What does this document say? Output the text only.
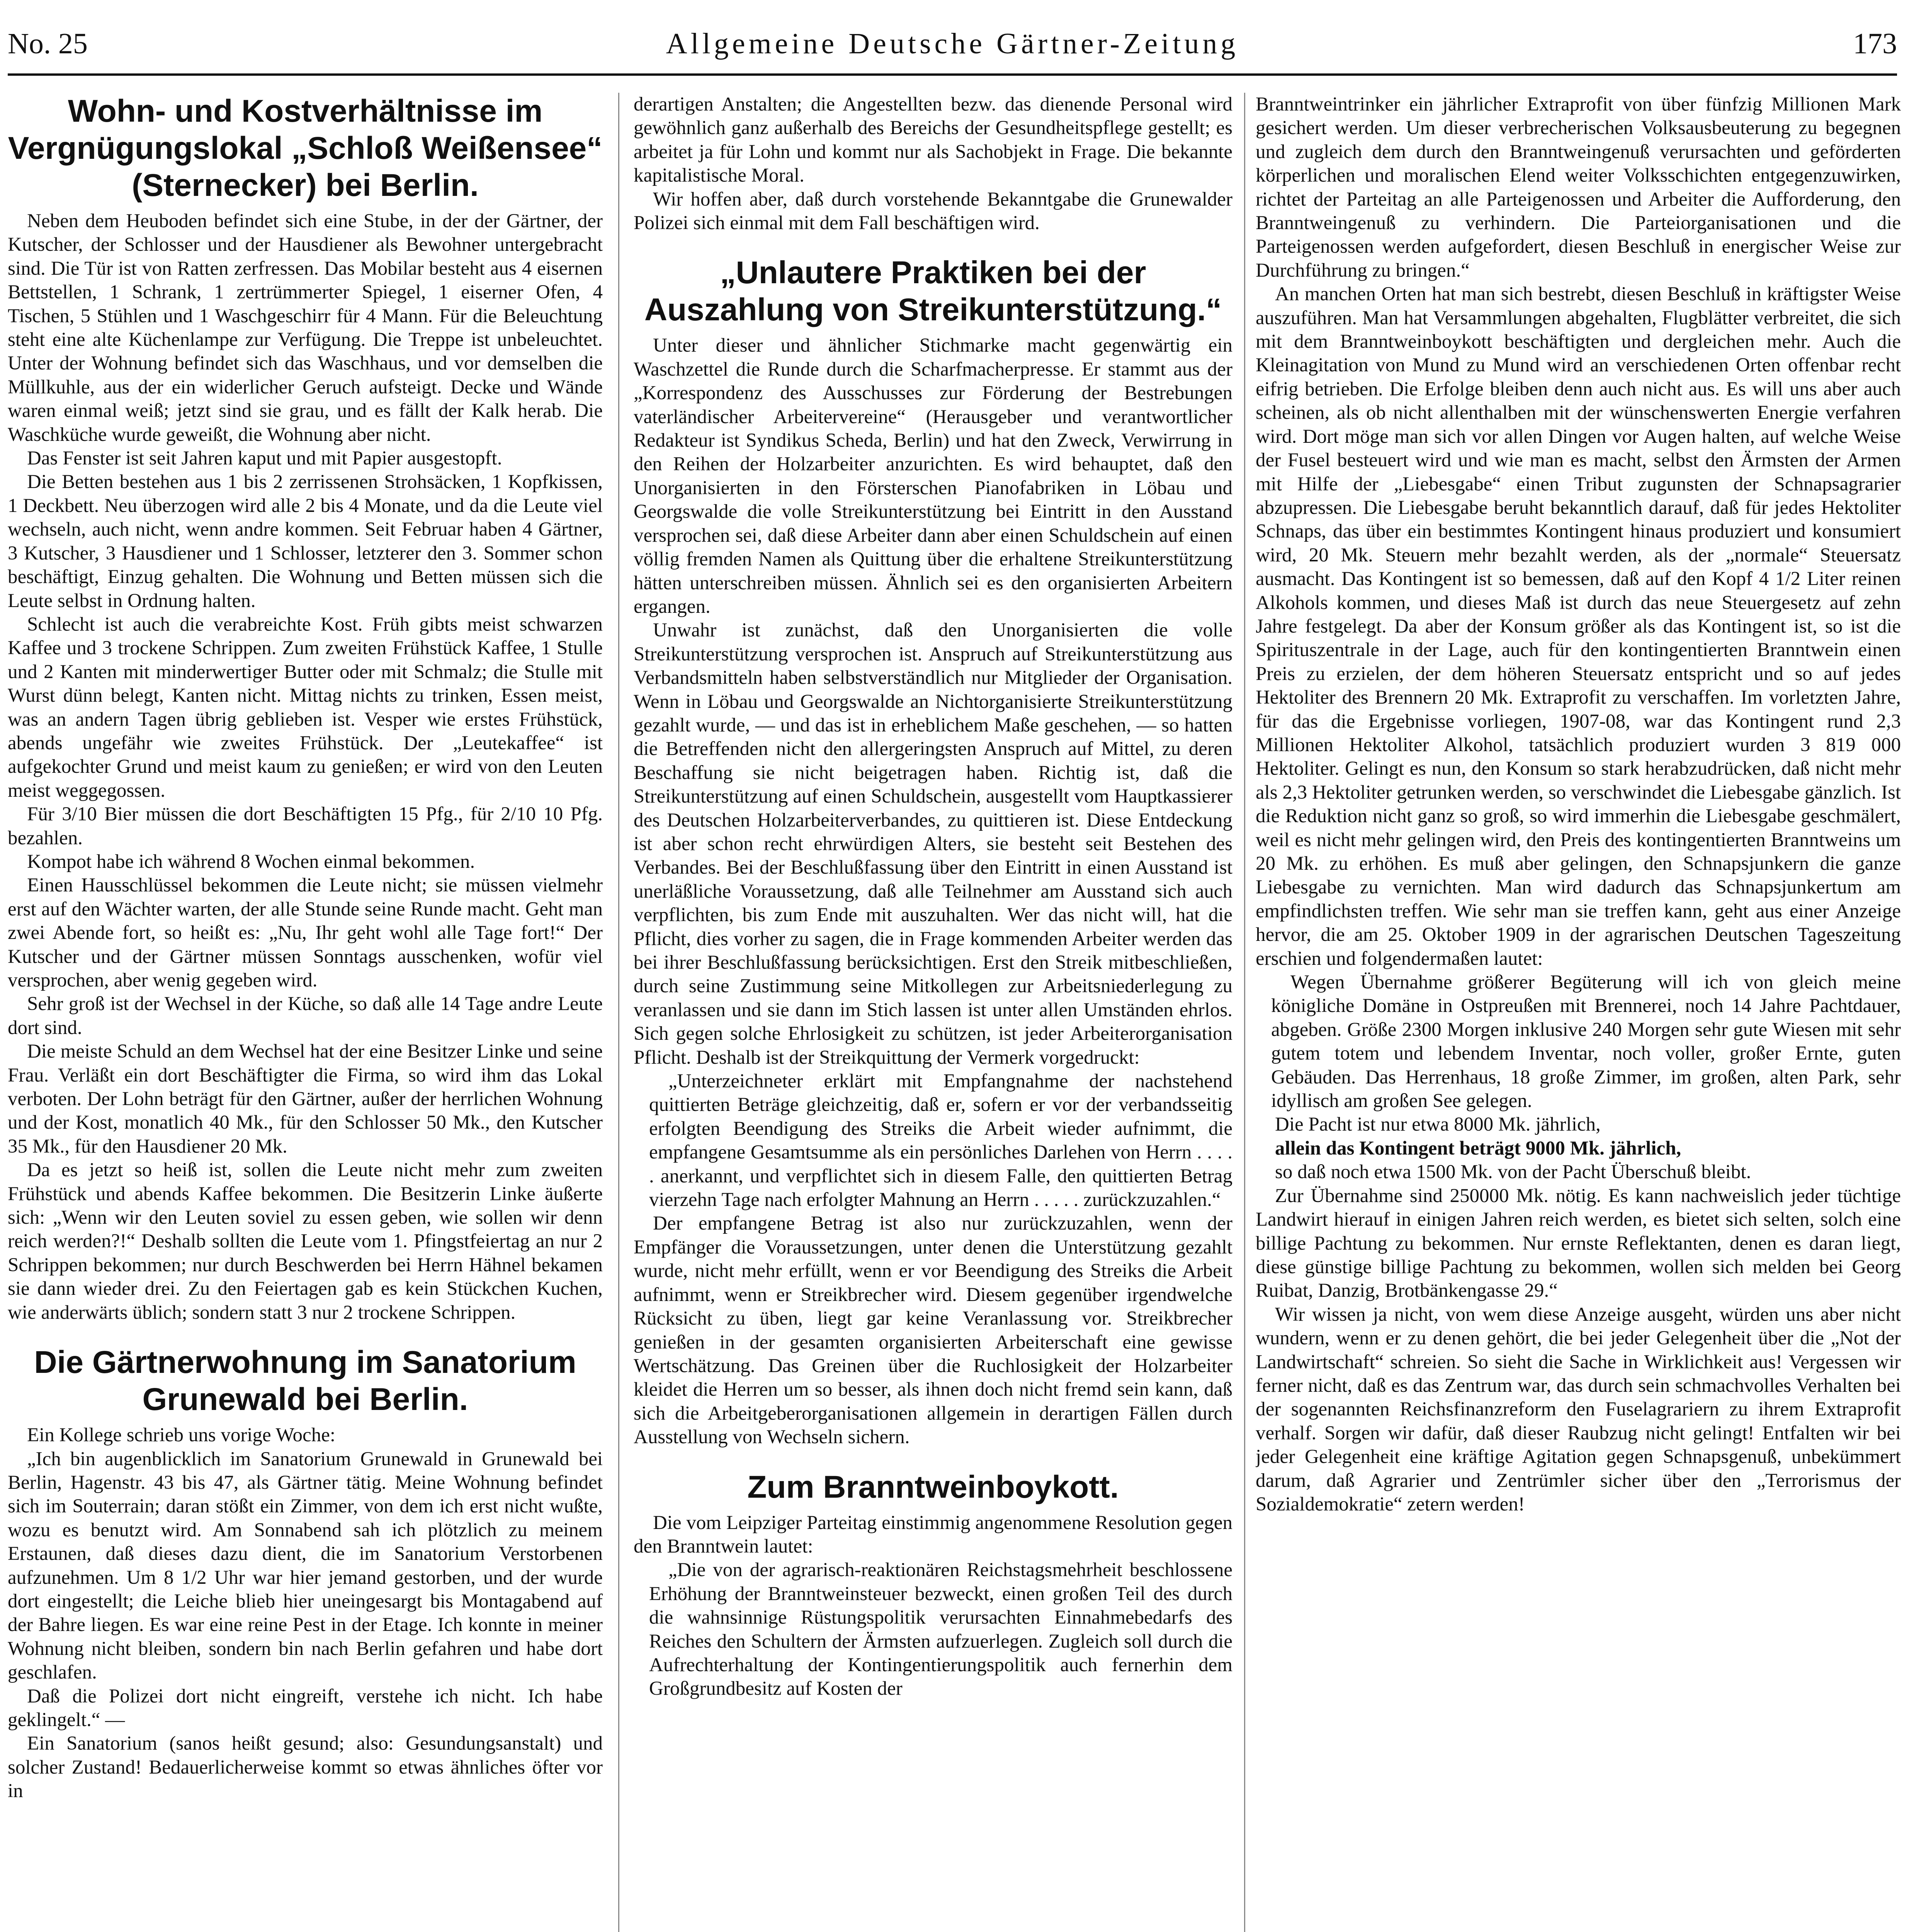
No. 25	Allgemeine Deutsche Gärtner-Zeitung	173
Wohn- und Kostverhältnisse im Vergnügungslokal „Schloß Weißensee“ (Sternecker) bei Berlin.

Neben dem Heuboden befindet sich eine Stube, in der der Gärtner, der Kutscher, der Schlosser und der Hausdiener als Bewohner untergebracht sind. Die Tür ist von Ratten zerfressen. Das Mobilar besteht aus 4 eisernen Bettstellen, 1 Schrank, 1 zertrümmerter Spiegel, 1 eiserner Ofen, 4 Tischen, 5 Stühlen und 1 Waschgeschirr für 4 Mann. Für die Beleuchtung steht eine alte Küchenlampe zur Verfügung. Die Treppe ist unbeleuchtet. Unter der Wohnung befindet sich das Waschhaus, und vor demselben die Müllkuhle, aus der ein widerlicher Geruch aufsteigt. Decke und Wände waren einmal weiß; jetzt sind sie grau, und es fällt der Kalk herab. Die Waschküche wurde geweißt, die Wohnung aber nicht.

Das Fenster ist seit Jahren kaput und mit Papier ausgestopft.

Die Betten bestehen aus 1 bis 2 zerrissenen Strohsäcken, 1 Kopfkissen, 1 Deckbett. Neu überzogen wird alle 2 bis 4 Monate, und da die Leute viel wechseln, auch nicht, wenn andre kommen. Seit Februar haben 4 Gärtner, 3 Kutscher, 3 Hausdiener und 1 Schlosser, letzterer den 3. Sommer schon beschäftigt, Einzug gehalten. Die Wohnung und Betten müssen sich die Leute selbst in Ordnung halten.

Schlecht ist auch die verabreichte Kost. Früh gibts meist schwarzen Kaffee und 3 trockene Schrippen. Zum zweiten Frühstück Kaffee, 1 Stulle und 2 Kanten mit minderwertiger Butter oder mit Schmalz; die Stulle mit Wurst dünn belegt, Kanten nicht. Mittag nichts zu trinken, Essen meist, was an andern Tagen übrig geblieben ist. Vesper wie erstes Frühstück, abends ungefähr wie zweites Frühstück. Der „Leutekaffee“ ist aufgekochter Grund und meist kaum zu genießen; er wird von den Leuten meist weggegossen.

Für 3/10 Bier müssen die dort Beschäftigten 15 Pfg., für 2/10 10 Pfg. bezahlen.

Kompot habe ich während 8 Wochen einmal bekommen.

Einen Hausschlüssel bekommen die Leute nicht; sie müssen vielmehr erst auf den Wächter warten, der alle Stunde seine Runde macht. Geht man zwei Abende fort, so heißt es: „Nu, Ihr geht wohl alle Tage fort!“ Der Kutscher und der Gärtner müssen Sonntags ausschenken, wofür viel versprochen, aber wenig gegeben wird.

Sehr groß ist der Wechsel in der Küche, so daß alle 14 Tage andre Leute dort sind.

Die meiste Schuld an dem Wechsel hat der eine Besitzer Linke und seine Frau. Verläßt ein dort Beschäftigter die Firma, so wird ihm das Lokal verboten. Der Lohn beträgt für den Gärtner, außer der herrlichen Wohnung und der Kost, monatlich 40 Mk., für den Schlosser 50 Mk., den Kutscher 35 Mk., für den Hausdiener 20 Mk.

Da es jetzt so heiß ist, sollen die Leute nicht mehr zum zweiten Frühstück und abends Kaffee bekommen. Die Besitzerin Linke äußerte sich: „Wenn wir den Leuten soviel zu essen geben, wie sollen wir denn reich werden?!“ Deshalb sollten die Leute vom 1. Pfingstfeiertag an nur 2 Schrippen bekommen; nur durch Beschwerden bei Herrn Hähnel bekamen sie dann wieder drei. Zu den Feiertagen gab es kein Stückchen Kuchen, wie anderwärts üblich; sondern statt 3 nur 2 trockene Schrippen.

Die Gärtnerwohnung im Sanatorium Grunewald bei Berlin.

Ein Kollege schrieb uns vorige Woche:

„Ich bin augenblicklich im Sanatorium Grunewald in Grunewald bei Berlin, Hagenstr. 43 bis 47, als Gärtner tätig. Meine Wohnung befindet sich im Souterrain; daran stößt ein Zimmer, von dem ich erst nicht wußte, wozu es benutzt wird. Am Sonnabend sah ich plötzlich zu meinem Erstaunen, daß dieses dazu dient, die im Sanatorium Verstorbenen aufzunehmen. Um 8 1/2 Uhr war hier jemand gestorben, und der wurde dort eingestellt; die Leiche blieb hier uneingesargt bis Montagabend auf der Bahre liegen. Es war eine reine Pest in der Etage. Ich konnte in meiner Wohnung nicht bleiben, sondern bin nach Berlin gefahren und habe dort geschlafen.

Daß die Polizei dort nicht eingreift, verstehe ich nicht. Ich habe geklingelt.“ —

Ein Sanatorium (sanos heißt gesund; also: Gesundungsanstalt) und solcher Zustand! Bedauerlicherweise kommt so etwas ähnliches öfter vor in

derartigen Anstalten; die Angestellten bezw. das dienende Personal wird gewöhnlich ganz außerhalb des Bereichs der Gesundheitspflege gestellt; es arbeitet ja für Lohn und kommt nur als Sachobjekt in Frage. Die bekannte kapitalistische Moral.

Wir hoffen aber, daß durch vorstehende Bekanntgabe die Grunewalder Polizei sich einmal mit dem Fall beschäftigen wird.

„Unlautere Praktiken bei der Auszahlung von Streikunterstützung.“

Unter dieser und ähnlicher Stichmarke macht gegenwärtig ein Waschzettel die Runde durch die Scharfmacherpresse. Er stammt aus der „Korrespondenz des Ausschusses zur Förderung der Bestrebungen vaterländischer Arbeitervereine“ (Herausgeber und verantwortlicher Redakteur ist Syndikus Scheda, Berlin) und hat den Zweck, Verwirrung in den Reihen der Holzarbeiter anzurichten. Es wird behauptet, daß den Unorganisierten in den Försterschen Pianofabriken in Löbau und Georgswalde die volle Streikunterstützung bei Eintritt in den Ausstand versprochen sei, daß diese Arbeiter dann aber einen Schuldschein auf einen völlig fremden Namen als Quittung über die erhaltene Streikunterstützung hätten unterschreiben müssen. Ähnlich sei es den organisierten Arbeitern ergangen.

Unwahr ist zunächst, daß den Unorganisierten die volle Streikunterstützung versprochen ist. Anspruch auf Streikunterstützung aus Verbandsmitteln haben selbstverständlich nur Mitglieder der Organisation. Wenn in Löbau und Georgswalde an Nichtorganisierte Streikunterstützung gezahlt wurde, — und das ist in erheblichem Maße geschehen, — so hatten die Betreffenden nicht den allergeringsten Anspruch auf Mittel, zu deren Beschaffung sie nicht beigetragen haben. Richtig ist, daß die Streikunterstützung auf einen Schuldschein, ausgestellt vom Hauptkassierer des Deutschen Holzarbeiterverbandes, zu quittieren ist. Diese Entdeckung ist aber schon recht ehrwürdigen Alters, sie besteht seit Bestehen des Verbandes. Bei der Beschlußfassung über den Eintritt in einen Ausstand ist unerläßliche Voraussetzung, daß alle Teilnehmer am Ausstand sich auch verpflichten, bis zum Ende mit auszuhalten. Wer das nicht will, hat die Pflicht, dies vorher zu sagen, die in Frage kommenden Arbeiter werden das bei ihrer Beschlußfassung berücksichtigen. Erst den Streik mitbeschließen, durch seine Zustimmung seine Mitkollegen zur Arbeitsniederlegung zu veranlassen und sie dann im Stich lassen ist unter allen Umständen ehrlos. Sich gegen solche Ehrlosigkeit zu schützen, ist jeder Arbeiterorganisation Pflicht. Deshalb ist der Streikquittung der Vermerk vorgedruckt:

„Unterzeichneter erklärt mit Empfangnahme der nachstehend quittierten Beträge gleichzeitig, daß er, sofern er vor der verbandsseitig erfolgten Beendigung des Streiks die Arbeit wieder aufnimmt, die empfangene Gesamtsumme als ein persönliches Darlehen von Herrn . . . . . anerkannt, und verpflichtet sich in diesem Falle, den quittierten Betrag vierzehn Tage nach erfolgter Mahnung an Herrn . . . . . zurückzuzahlen.“

Der empfangene Betrag ist also nur zurückzuzahlen, wenn der Empfänger die Voraussetzungen, unter denen die Unterstützung gezahlt wurde, nicht mehr erfüllt, wenn er vor Beendigung des Streiks die Arbeit aufnimmt, wenn er Streikbrecher wird. Diesem gegenüber irgendwelche Rücksicht zu üben, liegt gar keine Veranlassung vor. Streikbrecher genießen in der gesamten organisierten Arbeiterschaft eine gewisse Wertschätzung. Das Greinen über die Ruchlosigkeit der Holzarbeiter kleidet die Herren um so besser, als ihnen doch nicht fremd sein kann, daß sich die Arbeitgeberorganisationen allgemein in derartigen Fällen durch Ausstellung von Wechseln sichern.

Zum Branntweinboykott.

Die vom Leipziger Parteitag einstimmig angenommene Resolution gegen den Branntwein lautet:

„Die von der agrarisch-reaktionären Reichstagsmehrheit beschlossene Erhöhung der Branntweinsteuer bezweckt, einen großen Teil des durch die wahnsinnige Rüstungspolitik verursachten Einnahmebedarfs des Reiches den Schultern der Ärmsten aufzuerlegen. Zugleich soll durch die Aufrechterhaltung der Kontingentierungspolitik auch fernerhin dem Großgrundbesitz auf Kosten der

Branntweintrinker ein jährlicher Extraprofit von über fünfzig Millionen Mark gesichert werden. Um dieser verbrecherischen Volksausbeuterung zu begegnen und zugleich dem durch den Branntweingenuß verursachten und geförderten körperlichen und moralischen Elend weiter Volksschichten entgegenzuwirken, richtet der Parteitag an alle Parteigenossen und Arbeiter die Aufforderung, den Branntweingenuß zu verhindern. Die Parteiorganisationen und die Parteigenossen werden aufgefordert, diesen Beschluß in energischer Weise zur Durchführung zu bringen.“

An manchen Orten hat man sich bestrebt, diesen Beschluß in kräftigster Weise auszuführen. Man hat Versammlungen abgehalten, Flugblätter verbreitet, die sich mit dem Branntweinboykott beschäftigten und dergleichen mehr. Auch die Kleinagitation von Mund zu Mund wird an verschiedenen Orten offenbar recht eifrig betrieben. Die Erfolge bleiben denn auch nicht aus. Es will uns aber auch scheinen, als ob nicht allenthalben mit der wünschenswerten Energie verfahren wird. Dort möge man sich vor allen Dingen vor Augen halten, auf welche Weise der Fusel besteuert wird und wie man es macht, selbst den Ärmsten der Armen mit Hilfe der „Liebesgabe“ einen Tribut zugunsten der Schnapsagrarier abzupressen. Die Liebesgabe beruht bekanntlich darauf, daß für jedes Hektoliter Schnaps, das über ein bestimmtes Kontingent hinaus produziert und konsumiert wird, 20 Mk. Steuern mehr bezahlt werden, als der „normale“ Steuersatz ausmacht. Das Kontingent ist so bemessen, daß auf den Kopf 4 1/2 Liter reinen Alkohols kommen, und dieses Maß ist durch das neue Steuergesetz auf zehn Jahre festgelegt. Da aber der Konsum größer als das Kontingent ist, so ist die Spirituszentrale in der Lage, auch für den kontingentierten Branntwein einen Preis zu erzielen, der dem höheren Steuersatz entspricht und so auf jedes Hektoliter des Brennern 20 Mk. Extraprofit zu verschaffen. Im vorletzten Jahre, für das die Ergebnisse vorliegen, 1907-08, war das Kontingent rund 2,3 Millionen Hektoliter Alkohol, tatsächlich produziert wurden 3 819 000 Hektoliter. Gelingt es nun, den Konsum so stark herabzudrücken, daß nicht mehr als 2,3 Hektoliter getrunken werden, so verschwindet die Liebesgabe gänzlich. Ist die Reduktion nicht ganz so groß, so wird immerhin die Liebesgabe geschmälert, weil es nicht mehr gelingen wird, den Preis des kontingentierten Branntweins um 20 Mk. zu erhöhen. Es muß aber gelingen, den Schnapsjunkern die ganze Liebesgabe zu vernichten. Man wird dadurch das Schnapsjunkertum am empfindlichsten treffen. Wie sehr man sie treffen kann, geht aus einer Anzeige hervor, die am 25. Oktober 1909 in der agrarischen Deutschen Tageszeitung erschien und folgendermaßen lautet:

Wegen Übernahme größerer Begüterung will ich von gleich meine königliche Domäne in Ostpreußen mit Brennerei, noch 14 Jahre Pachtdauer, abgeben. Größe 2300 Morgen inklusive 240 Morgen sehr gute Wiesen mit sehr gutem totem und lebendem Inventar, noch voller, großer Ernte, guten Gebäuden. Das Herrenhaus, 18 große Zimmer, im großen, alten Park, sehr idyllisch am großen See gelegen.

Die Pacht ist nur etwa 8000 Mk. jährlich,

allein das Kontingent beträgt 9000 Mk. jährlich,

so daß noch etwa 1500 Mk. von der Pacht Überschuß bleibt.

Zur Übernahme sind 250000 Mk. nötig. Es kann nachweislich jeder tüchtige Landwirt hierauf in einigen Jahren reich werden, es bietet sich selten, solch eine billige Pachtung zu bekommen. Nur ernste Reflektanten, denen es daran liegt, diese günstige billige Pachtung zu bekommen, wollen sich melden bei Georg Ruibat, Danzig, Brotbänkengasse 29.“

Wir wissen ja nicht, von wem diese Anzeige ausgeht, würden uns aber nicht wundern, wenn er zu denen gehört, die bei jeder Gelegenheit über die „Not der Landwirtschaft“ schreien. So sieht die Sache in Wirklichkeit aus! Vergessen wir ferner nicht, daß es das Zentrum war, das durch sein schmachvolles Verhalten bei der sogenannten Reichsfinanzreform den Fuselagrariern zu ihrem Extraprofit verhalf. Sorgen wir dafür, daß dieser Raubzug nicht gelingt! Entfalten wir bei jeder Gelegenheit eine kräftige Agitation gegen Schnapsgenuß, unbekümmert darum, daß Agrarier und Zentrümler sicher über den „Terrorismus der Sozialdemokratie“ zetern werden!
